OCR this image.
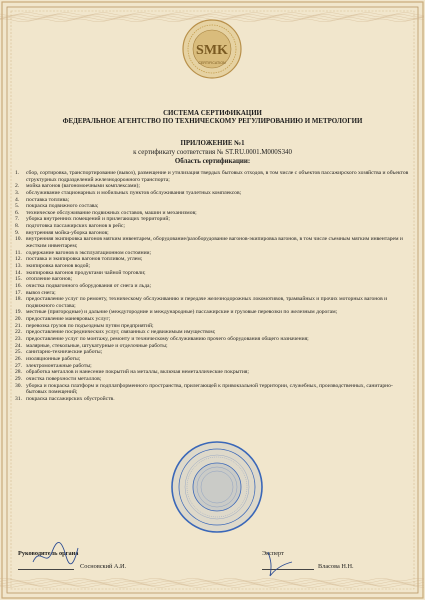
SMK
CERTIFICATION
СИСТЕМА СЕРТИФИКАЦИИ
ФЕДЕРАЛЬНОЕ АГЕНТСТВО ПО ТЕХНИЧЕСКОМУ РЕГУЛИРОВАНИЮ И МЕТРОЛОГИИ
ПРИЛОЖЕНИЕ №1
к сертификату соответствия № ST.RU.0001.M000S340
Область сертификации:
1.	сбор, сортировка, транспортирование (вывоз), размещение и утилизация твердых бытовых отходов, в том числе с объектов пассажирского хозяйства и объектов структурных подразделений железнодорожного транспорта;
2.	мойка вагонов (вагономоечными комплексами);
3.	обслуживание стационарных и мобильных пунктов обслуживания туалетных комплексов;
4.	поставка топлива;
5.	покраска подвижного состава;
6.	техническое обслуживание подвижных составов, машин и механизмов;
7.	уборка внутренних помещений и прилегающих территорий;
8.	подготовка пассажирских вагонов в рейс;
9.	внутренняя мойка-уборка вагонов;
10. внутренняя экипировка вагонов мягким инвентарем, оборудование/разоборудование вагонов-экипировка вагонов, в том числе съемным мягким инвентарем и жестким инвентарем;
11. содержание вагонов в эксплуатационном состоянии;
12. поставка и экипировка вагонов топливом, углем;
13. экипировка вагонов водой;
14. экипировка вагонов продуктами чайной торговли;
15. отопление вагонов;
16. очистка подвагонного оборудования от снега и льда;
17. вывоз снега;
18. предоставление услуг по ремонту, техническому обслуживанию и передаче железнодорожных локомотивов, трамвайных и прочих моторных вагонов и подвижного состава;
19. местные (пригородные) и дальние (междугородние и международные) пассажирские и грузовые перевозки по железным дорогам;
20. предоставление маневровых услуг;
21. перевозка грузов по подъездным путям предприятий;
22. предоставление посреднических услуг, связанных с недвижимым имуществом;
23. предоставление услуг по монтажу, ремонту и техническому обслуживанию прочего оборудования общего назначения;
24. малярные, стекольные, штукатурные и отделочные работы;
25. санитарно-технические работы;
26. изоляционные работы;
27. электромонтажные работы;
28. обработка металлов и нанесение покрытий на металлы, включая неметаллические покрытия;
29. очистка поверхности металлов;
30. уборка и покраска платформ и подплатформенного пространства, прилегающей к привокзальной территории, служебных, производственных, санитарно-бытовых помещений;
31. покраска пассажирских обустройств.
Руководитель органа
Сосновский А.И.
Эксперт
Власова Н.Н.
